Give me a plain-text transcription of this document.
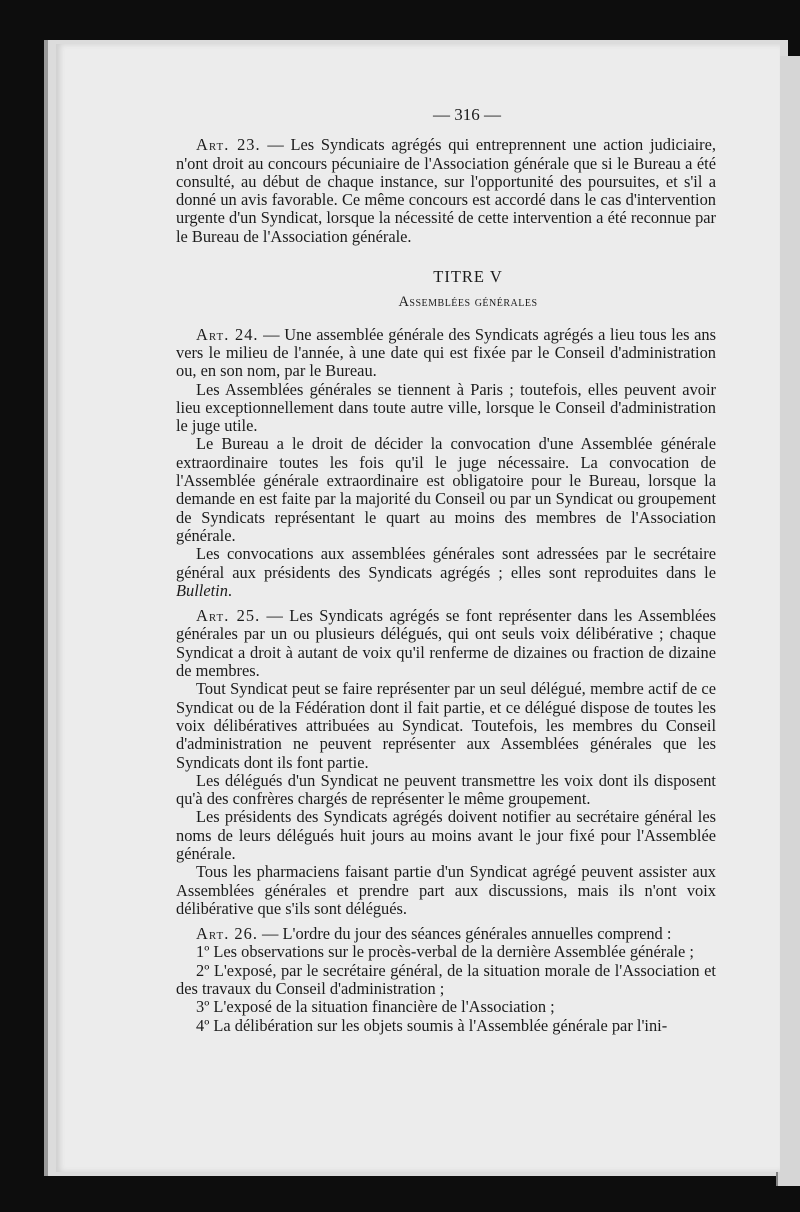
— 316 —

Art. 23. — Les Syndicats agrégés qui entreprennent une action judiciaire, n'ont droit au concours pécuniaire de l'Association générale que si le Bureau a été consulté, au début de chaque instance, sur l'opportunité des poursuites, et s'il a donné un avis favorable. Ce même concours est accordé dans le cas d'intervention urgente d'un Syndicat, lorsque la nécessité de cette intervention a été reconnue par le Bureau de l'Association générale.

TITRE V
Assemblées générales

Art. 24. — Une assemblée générale des Syndicats agrégés a lieu tous les ans vers le milieu de l'année, à une date qui est fixée par le Conseil d'administration ou, en son nom, par le Bureau.

Les Assemblées générales se tiennent à Paris ; toutefois, elles peuvent avoir lieu exceptionnellement dans toute autre ville, lorsque le Conseil d'administration le juge utile.

Le Bureau a le droit de décider la convocation d'une Assemblée générale extraordinaire toutes les fois qu'il le juge nécessaire. La convocation de l'Assemblée générale extraordinaire est obligatoire pour le Bureau, lorsque la demande en est faite par la majorité du Conseil ou par un Syndicat ou groupement de Syndicats représentant le quart au moins des membres de l'Association générale.

Les convocations aux assemblées générales sont adressées par le secrétaire général aux présidents des Syndicats agrégés ; elles sont reproduites dans le Bulletin.

Art. 25. — Les Syndicats agrégés se font représenter dans les Assemblées générales par un ou plusieurs délégués, qui ont seuls voix délibérative ; chaque Syndicat a droit à autant de voix qu'il renferme de dizaines ou fraction de dizaine de membres.

Tout Syndicat peut se faire représenter par un seul délégué, membre actif de ce Syndicat ou de la Fédération dont il fait partie, et ce délégué dispose de toutes les voix délibératives attribuées au Syndicat. Toutefois, les membres du Conseil d'administration ne peuvent représenter aux Assemblées générales que les Syndicats dont ils font partie.

Les délégués d'un Syndicat ne peuvent transmettre les voix dont ils disposent qu'à des confrères chargés de représenter le même groupement.

Les présidents des Syndicats agrégés doivent notifier au secrétaire général les noms de leurs délégués huit jours au moins avant le jour fixé pour l'Assemblée générale.

Tous les pharmaciens faisant partie d'un Syndicat agrégé peuvent assister aux Assemblées générales et prendre part aux discussions, mais ils n'ont voix délibérative que s'ils sont délégués.

Art. 26. — L'ordre du jour des séances générales annuelles comprend :

1º Les observations sur le procès-verbal de la dernière Assemblée générale ;

2º L'exposé, par le secrétaire général, de la situation morale de l'Association et des travaux du Conseil d'administration ;

3º L'exposé de la situation financière de l'Association ;

4º La délibération sur les objets soumis à l'Assemblée générale par l'ini-
